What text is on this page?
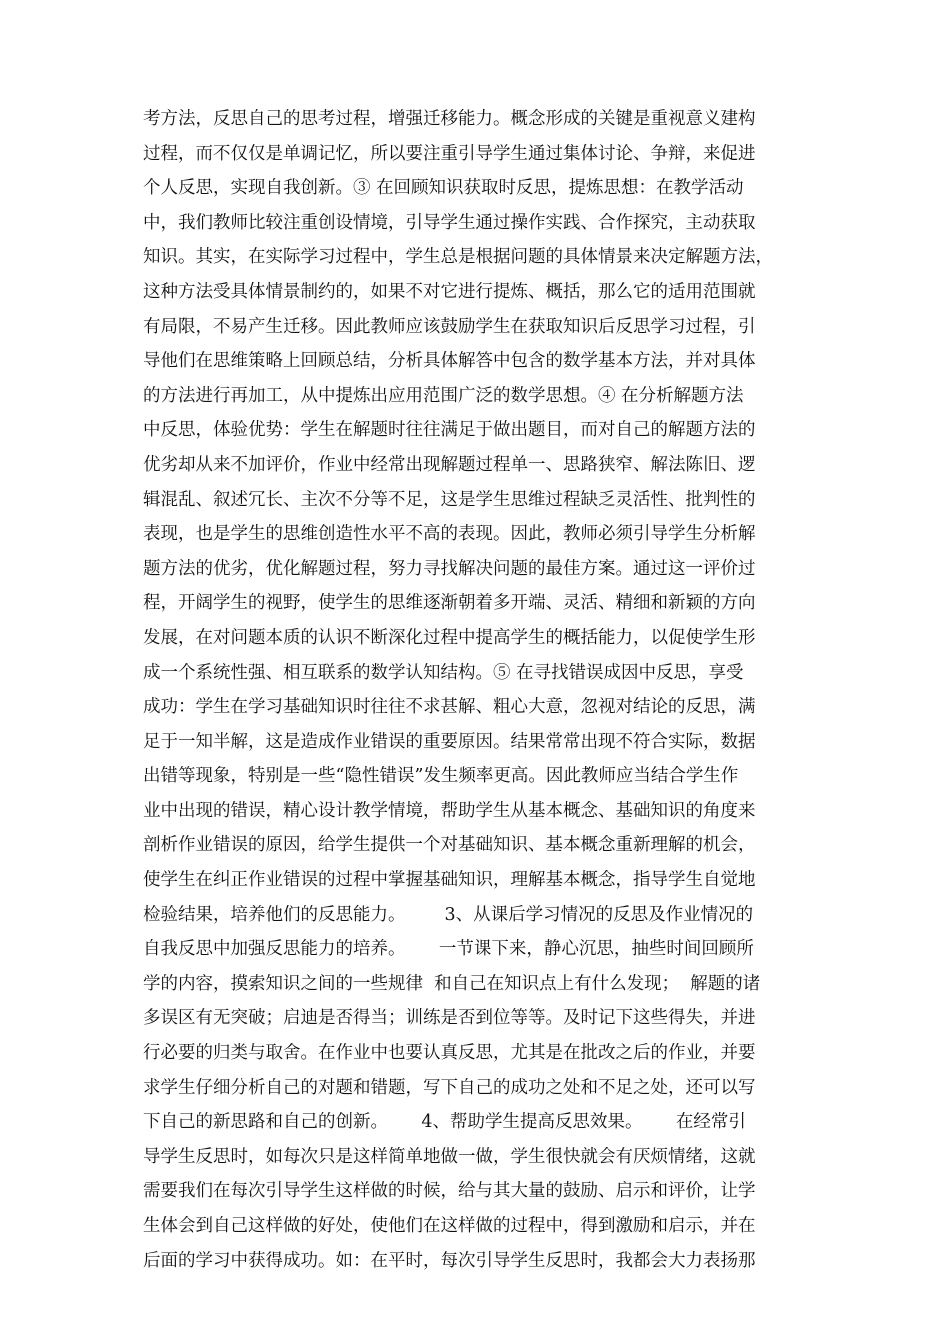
考方法，反思自己的思考过程，增强迁移能力。概念形成的关键是重视意义建构
过程，而不仅仅是单调记忆，所以要注重引导学生通过集体讨论、争辩，来促进
个人反思，实现自我创新。③ 在回顾知识获取时反思，提炼思想：在教学活动
中，我们教师比较注重创设情境，引导学生通过操作实践、合作探究，主动获取
知识。其实，在实际学习过程中，学生总是根据问题的具体情景来决定解题方法，
这种方法受具体情景制约的，如果不对它进行提炼、概括，那么它的适用范围就
有局限，不易产生迁移。因此教师应该鼓励学生在获取知识后反思学习过程，引
导他们在思维策略上回顾总结，分析具体解答中包含的数学基本方法，并对具体
的方法进行再加工，从中提炼出应用范围广泛的数学思想。④ 在分析解题方法
中反思，体验优势：学生在解题时往往满足于做出题目，而对自己的解题方法的
优劣却从来不加评价，作业中经常出现解题过程单一、思路狭窄、解法陈旧、逻
辑混乱、叙述冗长、主次不分等不足，这是学生思维过程缺乏灵活性、批判性的
表现，也是学生的思维创造性水平不高的表现。因此，教师必须引导学生分析解
题方法的优劣，优化解题过程，努力寻找解决问题的最佳方案。通过这一评价过
程，开阔学生的视野，使学生的思维逐渐朝着多开端、灵活、精细和新颖的方向
发展，在对问题本质的认识不断深化过程中提高学生的概括能力，以促使学生形
成一个系统性强、相互联系的数学认知结构。⑤ 在寻找错误成因中反思，享受
成功：学生在学习基础知识时往往不求甚解、粗心大意，忽视对结论的反思，满
足于一知半解，这是造成作业错误的重要原因。结果常常出现不符合实际，数据
出错等现象，特别是一些“隐性错误”发生频率更高。因此教师应当结合学生作
业中出现的错误，精心设计教学情境，帮助学生从基本概念、基础知识的角度来
剖析作业错误的原因，给学生提供一个对基础知识、基本概念重新理解的机会，
使学生在纠正作业错误的过程中掌握基础知识，理解基本概念，指导学生自觉地
检验结果，培养他们的反思能力。       3、从课后学习情况的反思及作业情况的
自我反思中加强反思能力的培养。      一节课下来，静心沉思，抽些时间回顾所
学的内容，摸索知识之间的一些规律  和自己在知识点上有什么发现；  解题的诸
多误区有无突破；启迪是否得当；训练是否到位等等。及时记下这些得失，并进
行必要的归类与取舍。在作业中也要认真反思，尤其是在批改之后的作业，并要
求学生仔细分析自己的对题和错题，写下自己的成功之处和不足之处，还可以写
下自己的新思路和自己的创新。      4、帮助学生提高反思效果。      在经常引
导学生反思时，如每次只是这样简单地做一做，学生很快就会有厌烦情绪，这就
需要我们在每次引导学生这样做的时候，给与其大量的鼓励、启示和评价，让学
生体会到自己这样做的好处，使他们在这样做的过程中，得到激励和启示，并在
后面的学习中获得成功。如：在平时，每次引导学生反思时，我都会大力表扬那
